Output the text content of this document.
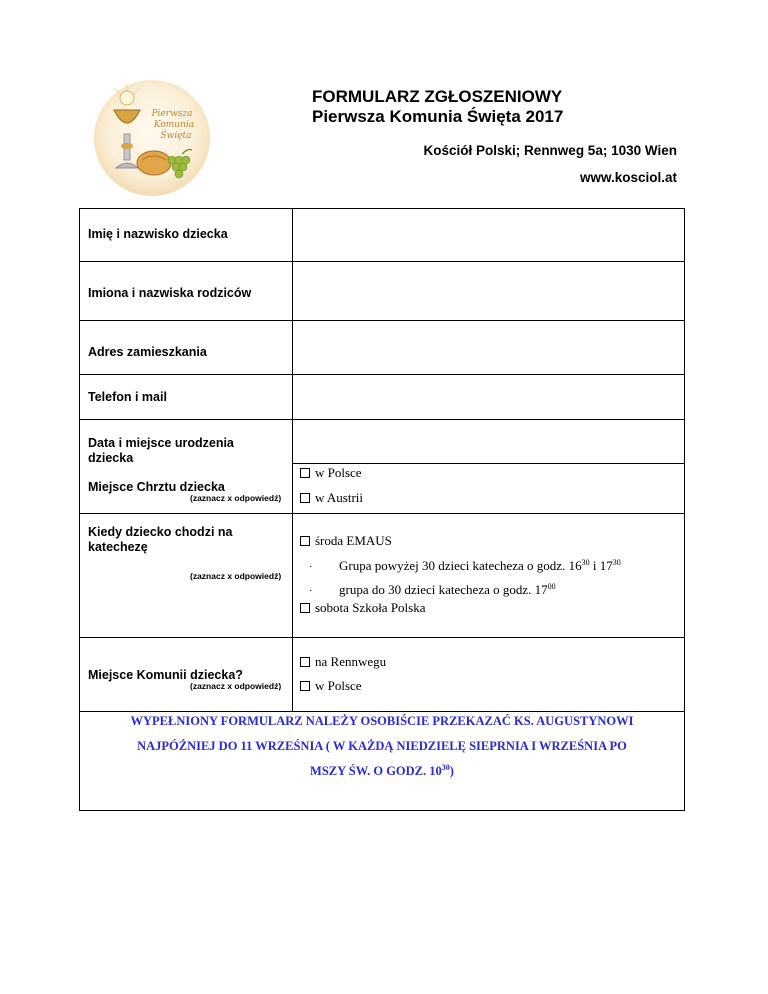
Pierwsza
Komunia
Święta
FORMULARZ ZGŁOSZENIOWY
Pierwsza Komunia Święta 2017
Kościół Polski; Rennweg 5a; 1030 Wien
www.kosciol.at
Imię i nazwisko dziecka
Imiona i nazwiska rodziców
Adres zamieszkania
Telefon i mail
Data i miejsce urodzenia
dziecka
w Polsce
Miejsce Chrztu dziecka
(zaznacz x odpowiedź)	w Austrii
Kiedy dziecko chodzi na
katechezę
(zaznacz x odpowiedź)
środa EMAUS
· Grupa powyżej 30 dzieci katecheza o godz. $16^{30}$ i $17^{30}$
· grupa do 30 dzieci katecheza o godz. $17^{00}$
sobota Szkoła Polska
na Rennwegu
Miejsce Komunii dziecka?
(zaznacz x odpowiedź)	w Polsce
WYPEŁNIONY FORMULARZ NALEŻY OSOBIŚCIE PRZEKAZAĆ KS. AUGUSTYNOWI
NAJPÓŹNIEJ DO 11 WRZEŚNIA ( W KAŻDĄ NIEDZIELĘ SIEPRNIA I WRZEŚNIA PO
MSZY ŚW. O GODZ. $10^{30}$)
